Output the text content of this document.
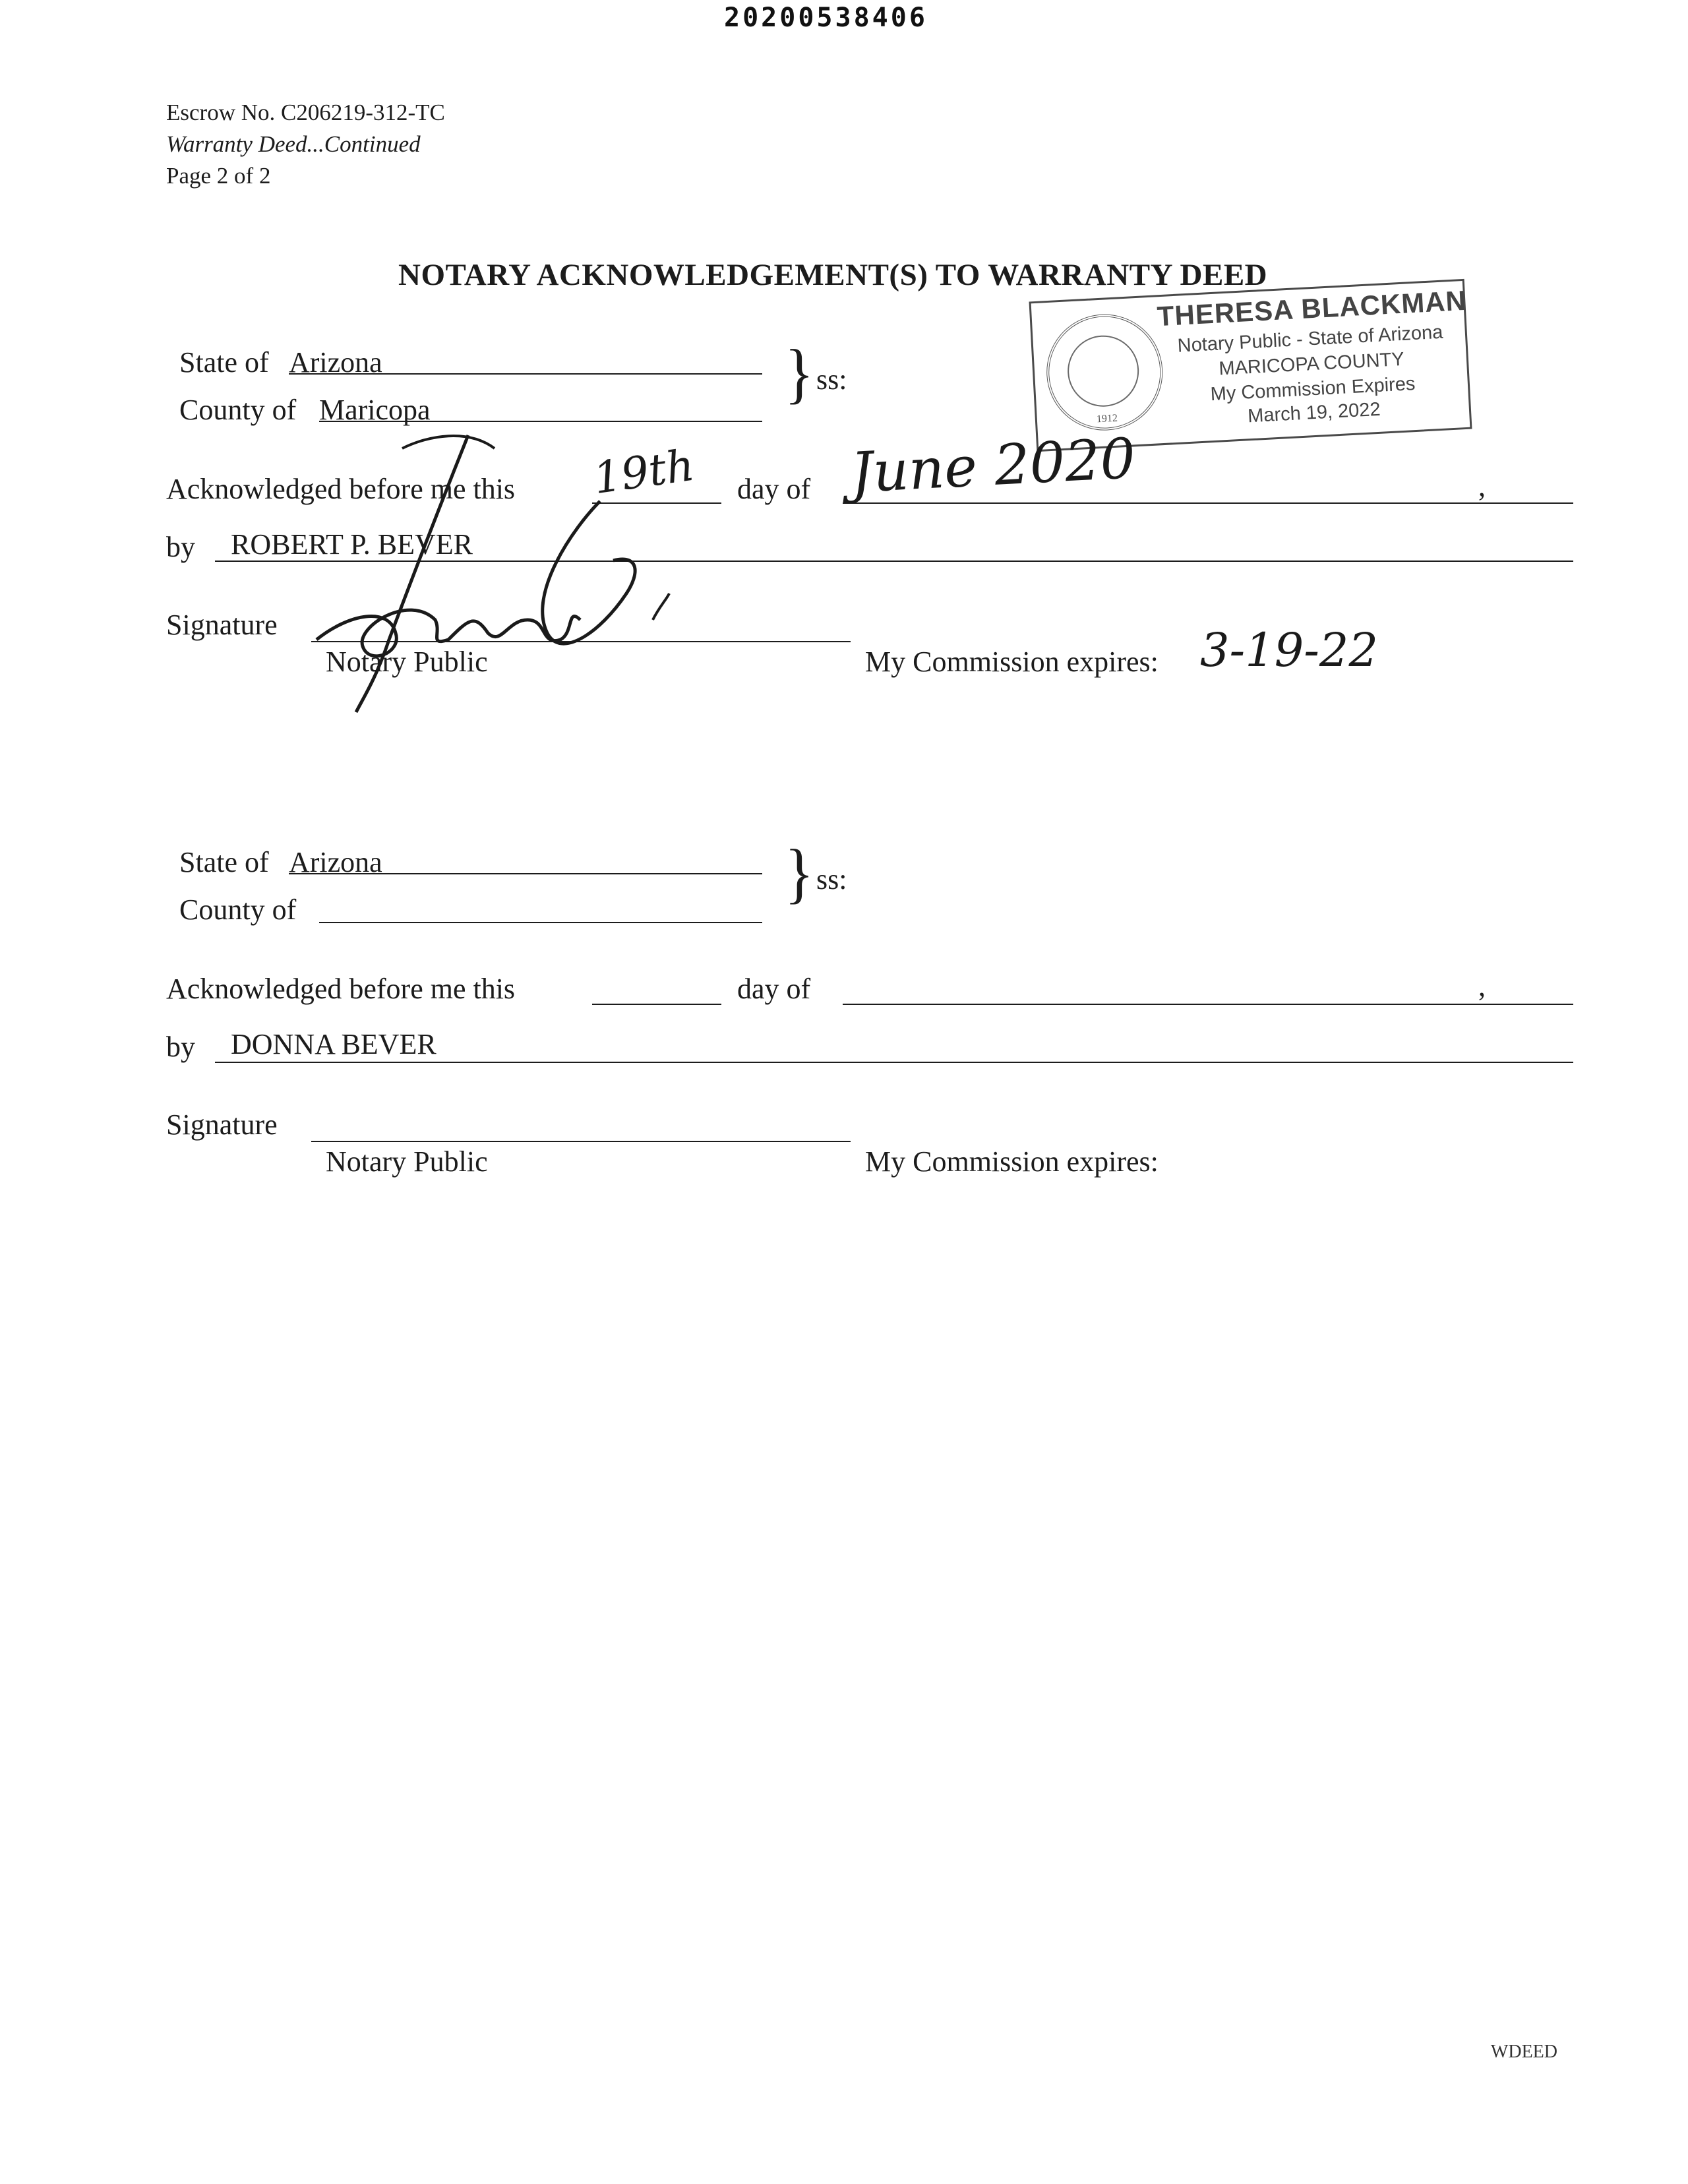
20200538406
Escrow No. C206219-312-TC
Warranty Deed...Continued
Page 2 of 2
NOTARY ACKNOWLEDGEMENT(S) TO WARRANTY DEED
1912
THERESA BLACKMAN
Notary Public - State of Arizona
MARICOPA COUNTY
My Commission Expires
March 19, 2022
State of Arizona
County of Maricopa	} ss:
Acknowledged before me this 19th day of June 2020	,
by ROBERT P. BEVER
Signature
Notary Public	My Commission expires: 3-19-22
State of Arizona
County of	} ss:
Acknowledged before me this	day of	,
by DONNA BEVER
Signature
Notary Public	My Commission expires:
WDEED
